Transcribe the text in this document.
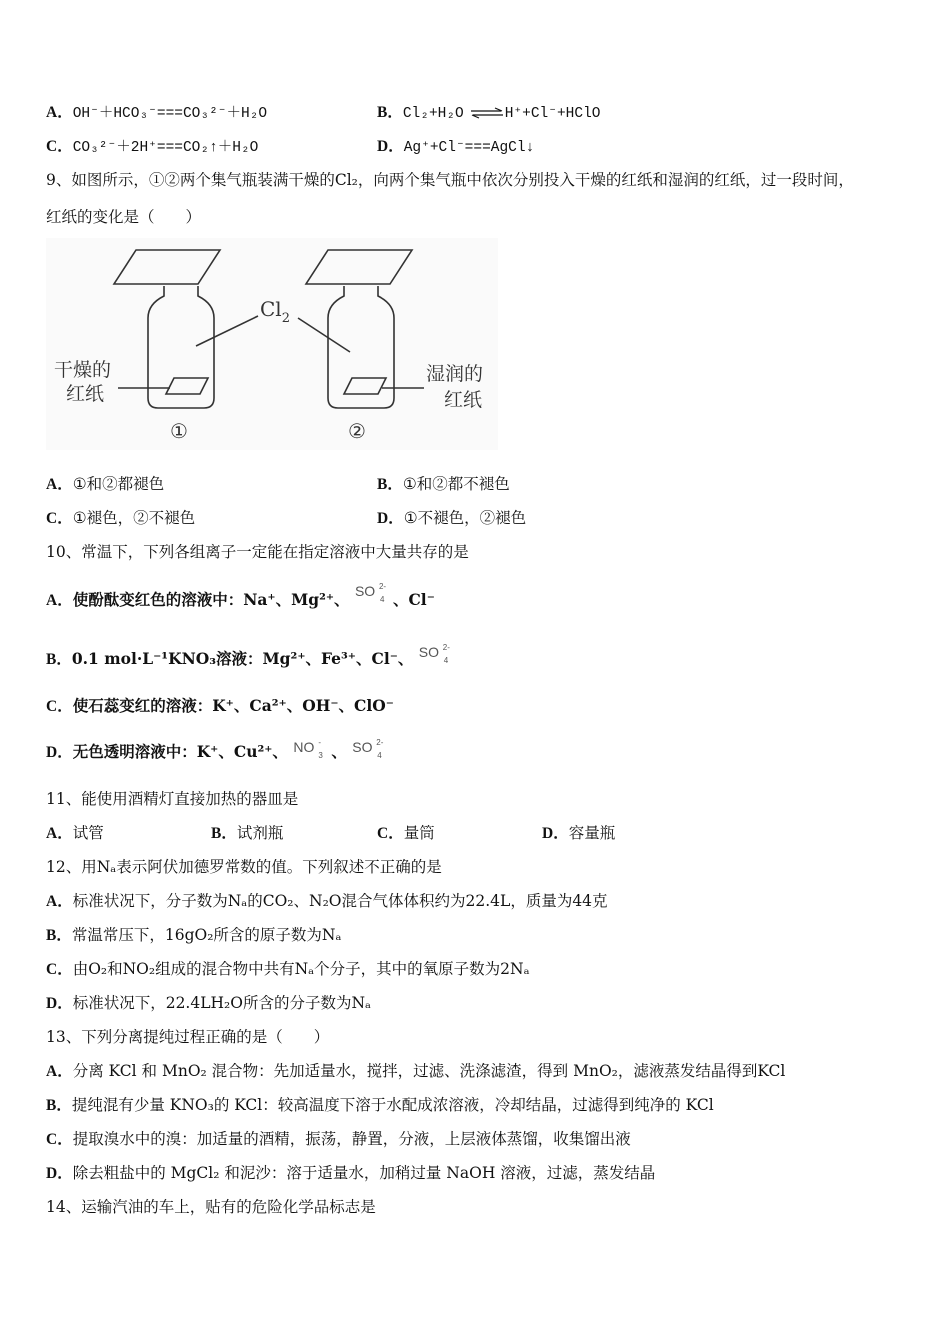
A．OH⁻＋HCO₃⁻===CO₃²⁻＋H₂O	B．Cl₂+H₂O ⇌H⁺+Cl⁻+HClO
C．CO₃²⁻＋2H⁺===CO₂↑＋H₂O	D．Ag⁺+Cl⁻===AgCl↓
9、如图所示，①②两个集气瓶装满干燥的Cl₂，向两个集气瓶中依次分别投入干燥的红纸和湿润的红纸，过一段时间，
红纸的变化是（　　）
$Cl_2$
干燥的
红纸
湿润的
红纸
①	②
A．①和②都褪色	B．①和②都不褪色
C．①褪色，②不褪色	D．①不褪色，②褪色
10、常温下，下列各组离子一定能在指定溶液中大量共存的是
A．使酚酞变红色的溶液中：Na⁺、Mg²⁺、 SO 2-
4 、Cl⁻
B．0.1 mol·L⁻¹KNO₃溶液：Mg²⁺、Fe³⁺、Cl⁻、 SO 2-
4
C．使石蕊变红的溶液：K⁺、Ca²⁺、OH⁻、ClO⁻
D．无色透明溶液中：K⁺、Cu²⁺、 NO -
3 、 SO 2-
4
11、能使用酒精灯直接加热的器皿是
A．试管	B．试剂瓶	C．量筒	D．容量瓶
12、用Nₐ表示阿伏加德罗常数的值。下列叙述不正确的是
A．标准状况下，分子数为Nₐ的CO₂、N₂O混合气体体积约为22.4L，质量为44克
B．常温常压下，16gO₂所含的原子数为Nₐ
C．由O₂和NO₂组成的混合物中共有Nₐ个分子，其中的氧原子数为2Nₐ
D．标准状况下，22.4LH₂O所含的分子数为Nₐ
13、下列分离提纯过程正确的是（　　）
A．分离 KCl 和 MnO₂ 混合物：先加适量水，搅拌，过滤、洗涤滤渣，得到 MnO₂，滤液蒸发结晶得到KCl
B．提纯混有少量 KNO₃的 KCl：较高温度下溶于水配成浓溶液，冷却结晶，过滤得到纯净的 KCl
C．提取溴水中的溴：加适量的酒精，振荡，静置，分液，上层液体蒸馏，收集馏出液
D．除去粗盐中的 MgCl₂ 和泥沙：溶于适量水，加稍过量 NaOH 溶液，过滤，蒸发结晶
14、运输汽油的车上，贴有的危险化学品标志是
